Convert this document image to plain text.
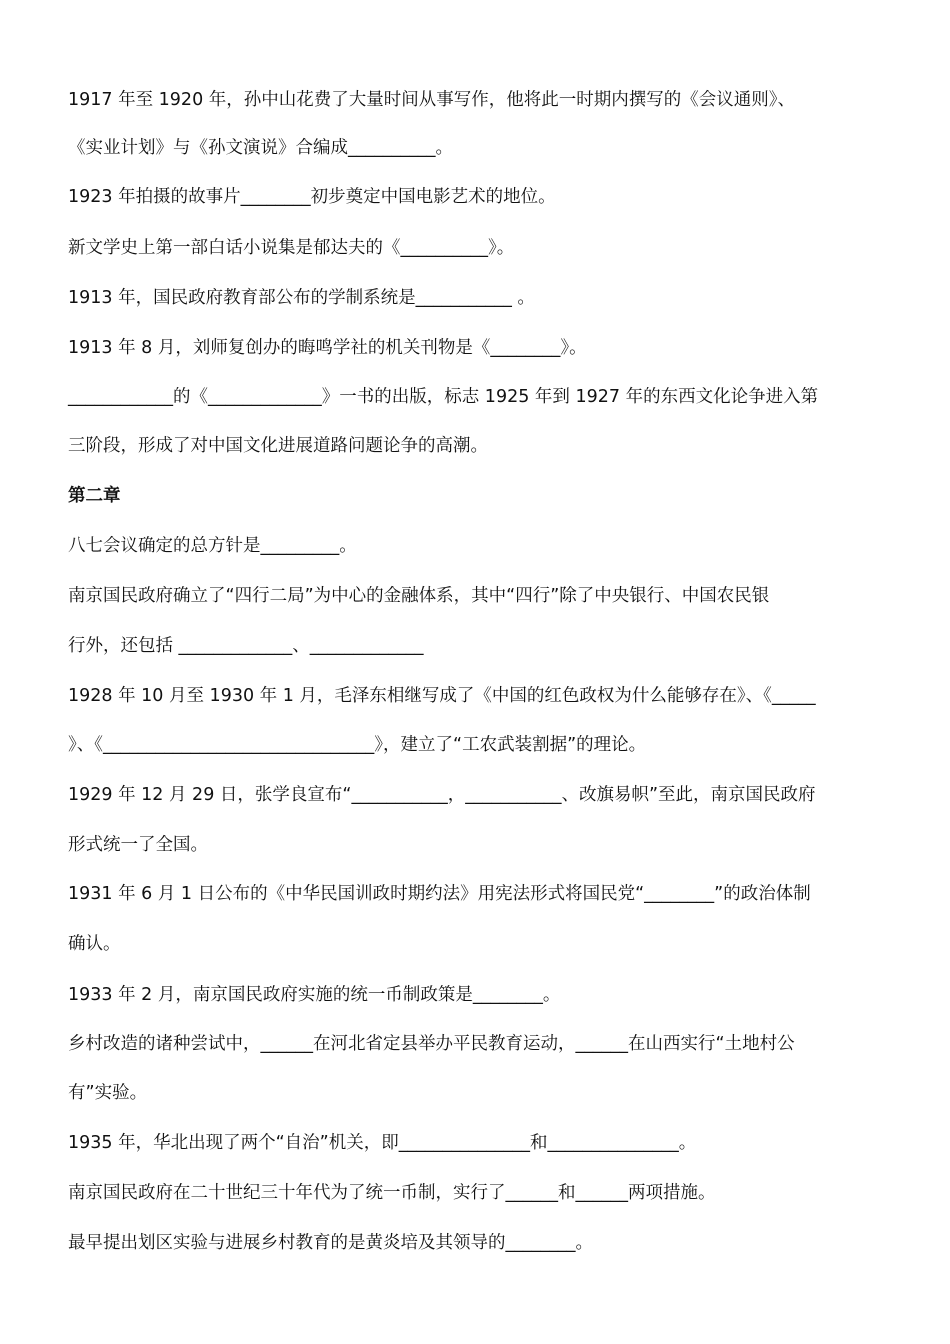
1917 年至 1920 年，孙中山花费了大量时间从事写作，他将此一时期内撰写的《会议通则》、
《实业计划》与《孙文演说》合编成__________。
1923 年拍摄的故事片________初步奠定中国电影艺术的地位。
新文学史上第一部白话小说集是郁达夫的《__________》。
1913 年，国民政府教育部公布的学制系统是___________ 。
1913 年 8 月，刘师复创办的晦鸣学社的机关刊物是《________》。
____________的《_____________》一书的出版，标志 1925 年到 1927 年的东西文化论争进入第
三阶段，形成了对中国文化进展道路问题论争的高潮。
第二章
八七会议确定的总方针是_________。
南京国民政府确立了“四行二局”为中心的金融体系，其中“四行”除了中央银行、中国农民银
行外，还包括 _____________、_____________
1928 年 10 月至 1930 年 1 月，毛泽东相继写成了《中国的红色政权为什么能够存在》、《_____
》、《_______________________________》，建立了“工农武装割据”的理论。
1929 年 12 月 29 日，张学良宣布“___________，___________、改旗易帜”至此，南京国民政府
形式统一了全国。
1931 年 6 月 1 日公布的《中华民国训政时期约法》用宪法形式将国民党“________”的政治体制
确认。
1933 年 2 月，南京国民政府实施的统一币制政策是________。
乡村改造的诸种尝试中，______在河北省定县举办平民教育运动，______在山西实行“土地村公
有”实验。
1935 年，华北出现了两个“自治”机关，即_______________和_______________。
南京国民政府在二十世纪三十年代为了统一币制，实行了______和______两项措施。
最早提出划区实验与进展乡村教育的是黄炎培及其领导的________。
